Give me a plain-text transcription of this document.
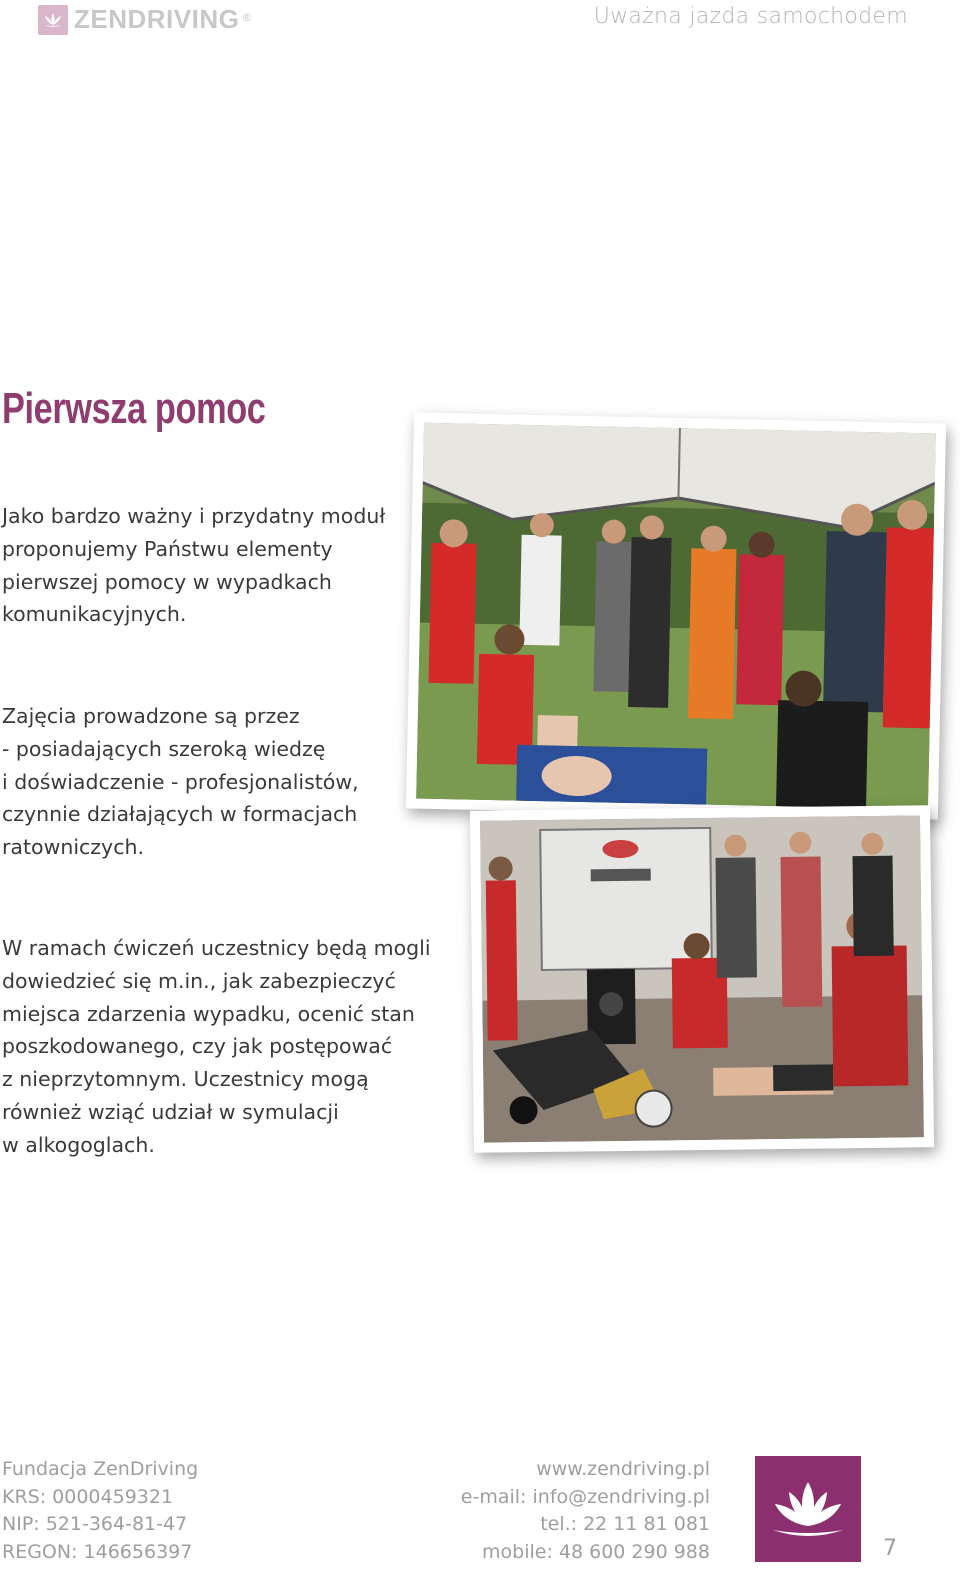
ZENDRIVING ®	Uważna jazda samochodem
Pierwsza pomoc
Jako bardzo ważny i przydatny moduł
proponujemy Państwu elementy
pierwszej pomocy w wypadkach
komunikacyjnych.
Zajęcia prowadzone są przez
- posiadających szeroką wiedzę
i doświadczenie - profesjonalistów,
czynnie działających w formacjach
ratowniczych.
W ramach ćwiczeń uczestnicy będą mogli
dowiedzieć się m.in., jak zabezpieczyć
miejsca zdarzenia wypadku, ocenić stan
poszkodowanego, czy jak postępować
z nieprzytomnym. Uczestnicy mogą
również wziąć udział w symulacji
w alkogoglach.
Fundacja ZenDriving
KRS: 0000459321
NIP: 521-364-81-47
REGON: 146656397
www.zendriving.pl
e-mail: info@zendriving.pl
tel.: 22 11 81 081
mobile: 48 600 290 988	7
